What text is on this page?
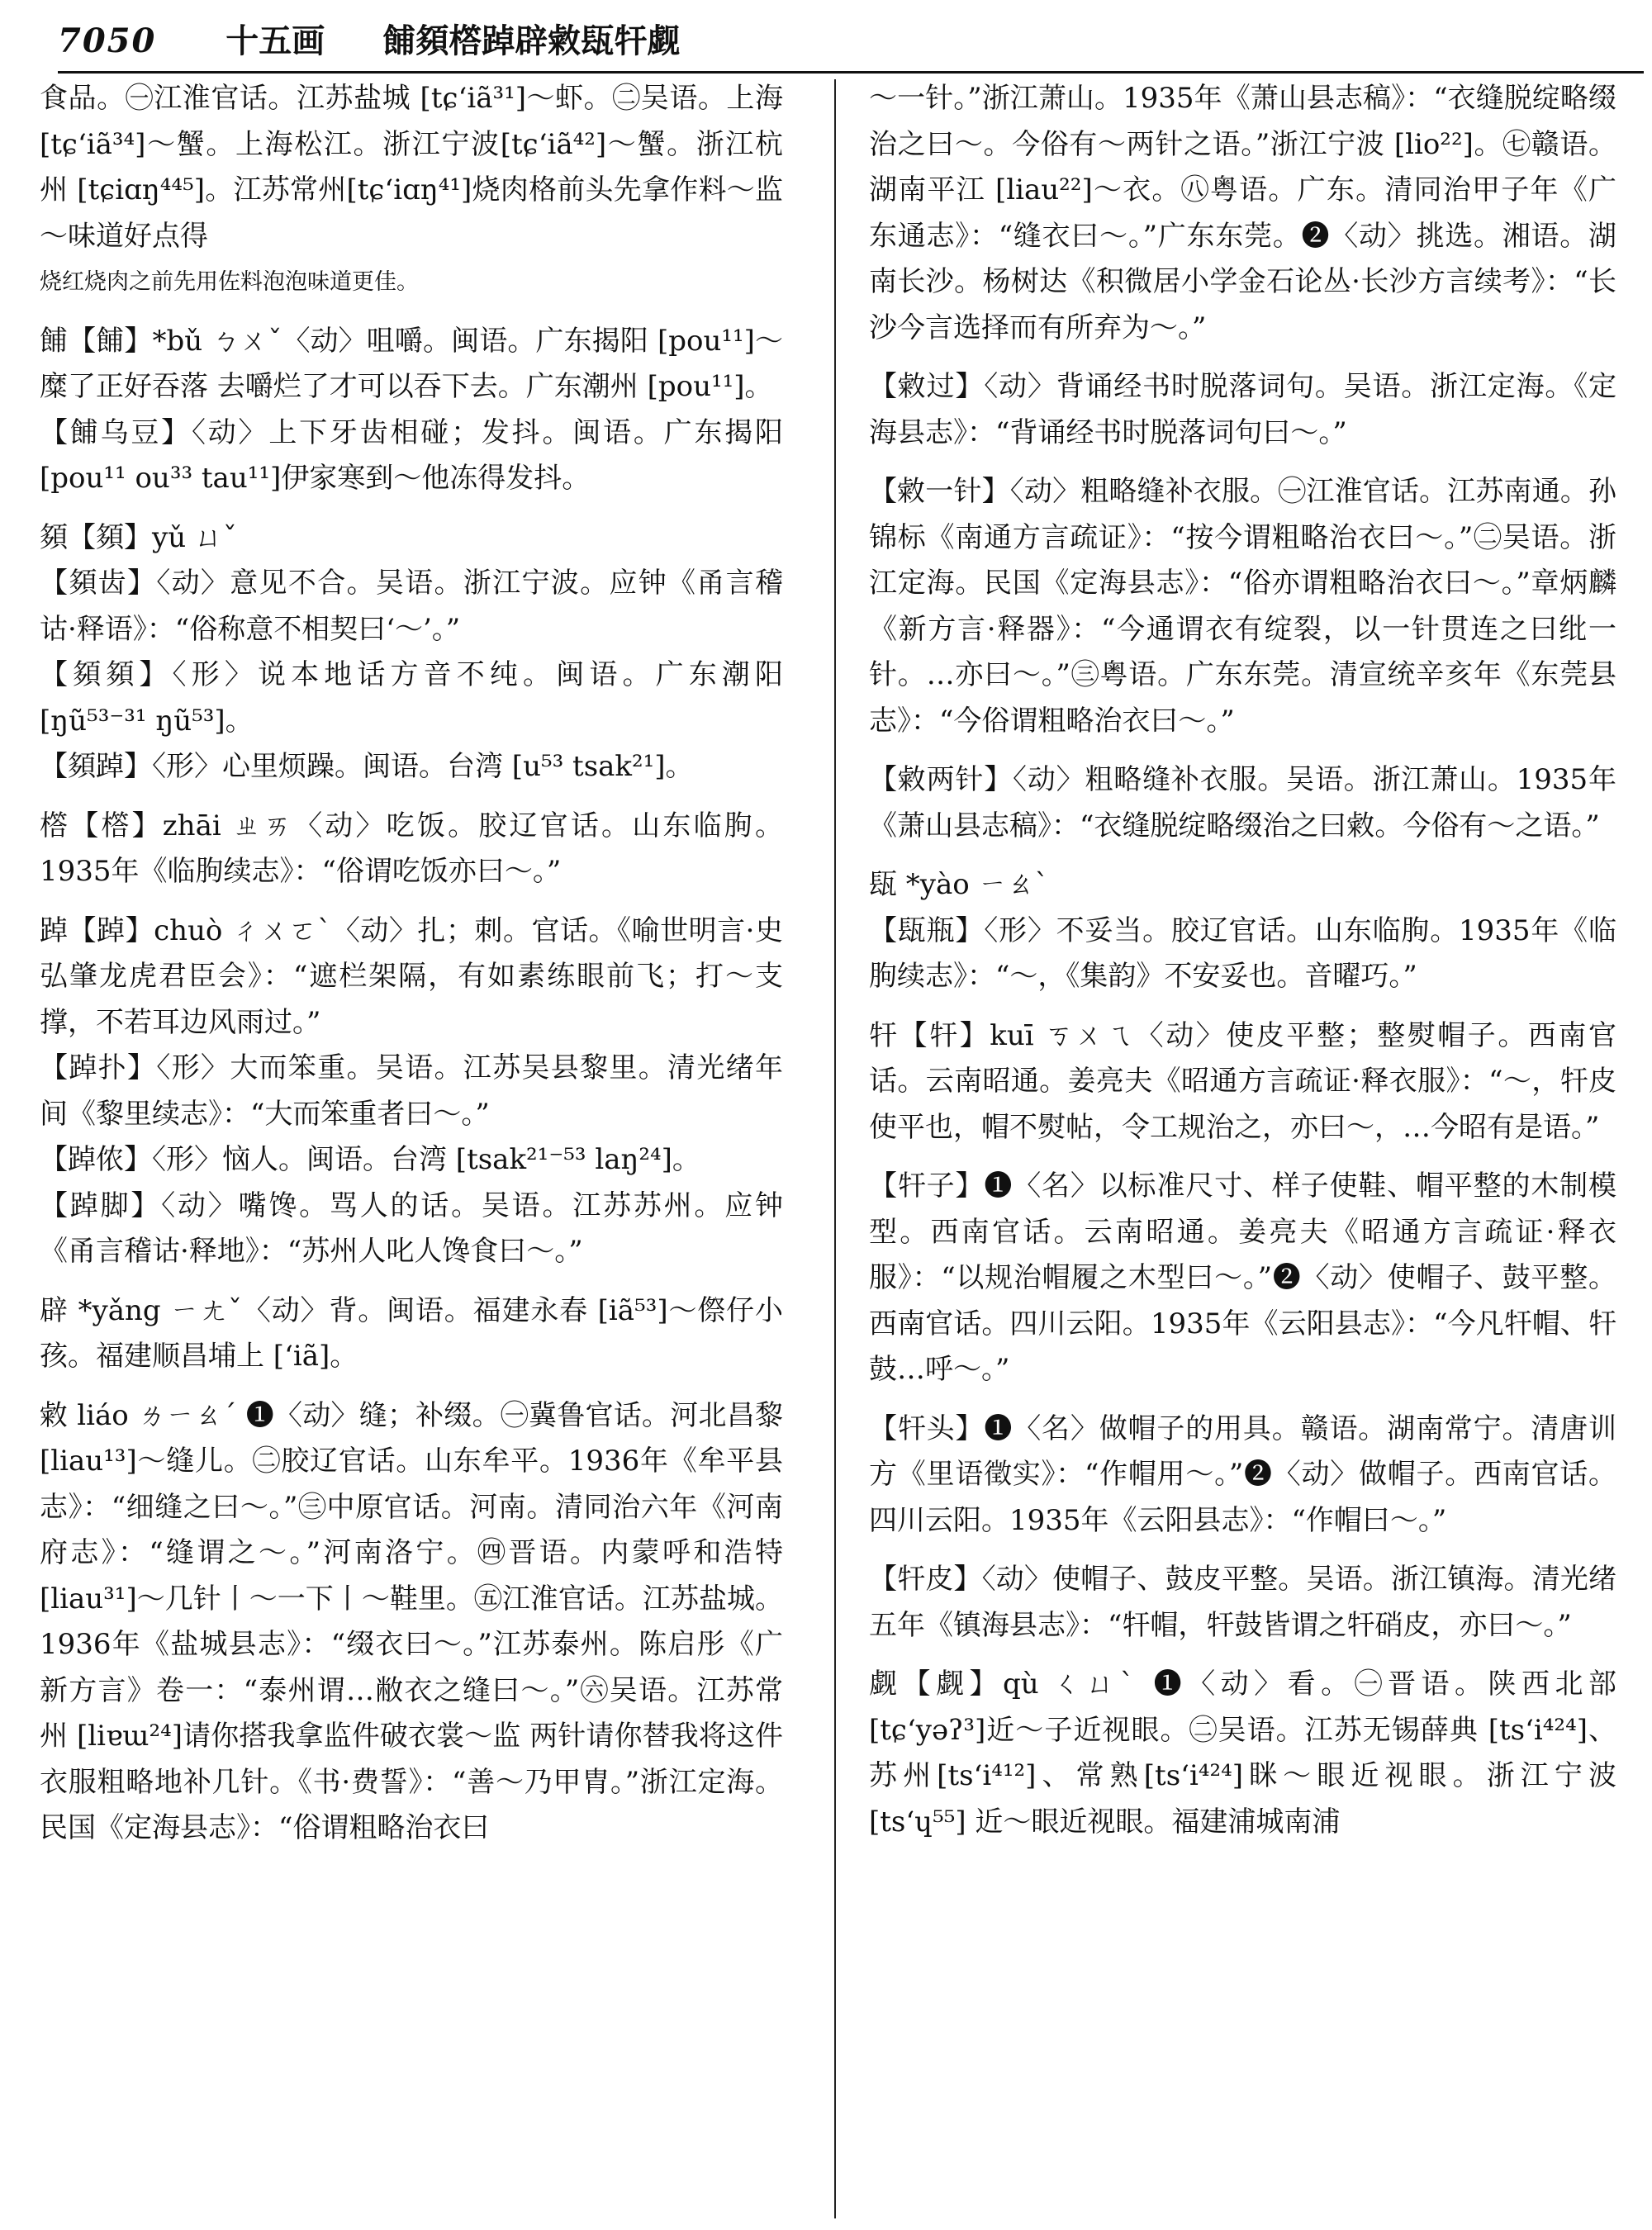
7050 十五画 餔䫂㯚踔辟敹瓺㸩觑

食品。㊀江淮官话。江苏盐城 [tɕʻiã³¹]～虾。㊁吴语。上海[tɕʻiã³⁴]～蟹。上海松江。浙江宁波[tɕʻiã⁴²]～蟹。浙江杭州 [tɕiɑŋ⁴⁴⁵]。江苏常州[tɕʻiɑŋ⁴¹]烧肉格前头先拿作料～监 ～味道好点得

烧红烧肉之前先用佐料泡泡味道更佳。

餔【餔】*bǔ ㄅㄨˇ〈动〉咀嚼。闽语。广东揭阳 [pou¹¹]～糜了正好吞落 去嚼烂了才可以吞下去。广东潮州 [pou¹¹]。

【餔乌豆】〈动〉上下牙齿相碰；发抖。闽语。广东揭阳 [pou¹¹ ou³³ tau¹¹]伊家寒到～他冻得发抖。

䫂【䫂】yǔ ㄩˇ

【䫂齿】〈动〉意见不合。吴语。浙江宁波。应钟《甬言稽诂·释语》：“俗称意不相契曰‘～’。”

【䫂䫂】〈形〉说本地话方音不纯。闽语。广东潮阳 [ŋũ⁵³⁻³¹ ŋũ⁵³]。

【䫂踔】〈形〉心里烦躁。闽语。台湾 [u⁵³ tsak²¹]。

㯚【㯚】zhāi ㄓㄞ〈动〉吃饭。胶辽官话。山东临朐。1935年《临朐续志》：“俗谓吃饭亦曰～。”

踔【踔】chuò ㄔㄨㄛˋ〈动〉扎；刺。官话。《喻世明言·史弘肇龙虎君臣会》：“遮栏架隔，有如素练眼前飞；打～支撑，不若耳边风雨过。”

【踔扑】〈形〉大而笨重。吴语。江苏吴县黎里。清光绪年间《黎里续志》：“大而笨重者曰～。”

【踔侬】〈形〉恼人。闽语。台湾 [tsak²¹⁻⁵³ laŋ²⁴]。

【踔脚】〈动〉嘴馋。骂人的话。吴语。江苏苏州。应钟《甬言稽诂·释地》：“苏州人叱人馋食曰～。”

辟 *yǎng ㄧㄤˇ〈动〉背。闽语。福建永春 [iã⁵³]～傺仔小孩。福建顺昌埔上 [ʻiã]。

敹 liáo ㄌㄧㄠˊ ❶〈动〉缝；补缀。㊀冀鲁官话。河北昌黎 [liau¹³]～缝儿。㊁胶辽官话。山东牟平。1936年《牟平县志》：“细缝之曰～。”㊂中原官话。河南。清同治六年《河南府志》：“缝谓之～。”河南洛宁。㊃晋语。内蒙呼和浩特 [liau³¹]～几针丨～一下丨～鞋里。㊄江淮官话。江苏盐城。1936年《盐城县志》：“缀衣曰～。”江苏泰州。陈启彤《广新方言》卷一：“泰州谓…敝衣之缝曰～。”㊅吴语。江苏常州 [liɐɯ²⁴]请你搭我拿监件破衣裳～监 两针请你替我将这件衣服粗略地补几针。《书·费誓》：“善～乃甲胄。”浙江定海。民国《定海县志》：“俗谓粗略治衣曰

～一针。”浙江萧山。1935年《萧山县志稿》：“衣缝脱绽略缀治之曰～。今俗有～两针之语。”浙江宁波 [lio²²]。㊆赣语。湖南平江 [liau²²]～衣。㊇粤语。广东。清同治甲子年《广东通志》：“缝衣曰～。”广东东莞。❷〈动〉挑选。湘语。湖南长沙。杨树达《积微居小学金石论丛·长沙方言续考》：“长沙今言选择而有所弃为～。”

【敹过】〈动〉背诵经书时脱落词句。吴语。浙江定海。《定海县志》：“背诵经书时脱落词句曰～。”

【敹一针】〈动〉粗略缝补衣服。㊀江淮官话。江苏南通。孙锦标《南通方言疏证》：“按今谓粗略治衣曰～。”㊁吴语。浙江定海。民国《定海县志》：“俗亦谓粗略治衣曰～。”章炳麟《新方言·释器》：“今通谓衣有绽裂，以一针贯连之曰纰一针。…亦曰～。”㊂粤语。广东东莞。清宣统辛亥年《东莞县志》：“今俗谓粗略治衣曰～。”

【敹两针】〈动〉粗略缝补衣服。吴语。浙江萧山。1935年《萧山县志稿》：“衣缝脱绽略缀治之曰敹。今俗有～之语。”

瓺 *yào ㄧㄠˋ

【瓺瓶】〈形〉不妥当。胶辽官话。山东临朐。1935年《临朐续志》：“～，《集韵》不安妥也。音曜巧。”

㸩【㸩】kuī ㄎㄨㄟ〈动〉使皮平整；整熨帽子。西南官话。云南昭通。姜亮夫《昭通方言疏证·释衣服》：“～，㸩皮使平也，帽不熨帖，令工规治之，亦曰～，…今昭有是语。”

【㸩子】❶〈名〉以标准尺寸、样子使鞋、帽平整的木制模型。西南官话。云南昭通。姜亮夫《昭通方言疏证·释衣服》：“以规治帽履之木型曰～。”❷〈动〉使帽子、鼓平整。西南官话。四川云阳。1935年《云阳县志》：“今凡㸩帽、㸩鼓…呼～。”

【㸩头】❶〈名〉做帽子的用具。赣语。湖南常宁。清唐训方《里语徵实》：“作帽用～。”❷〈动〉做帽子。西南官话。四川云阳。1935年《云阳县志》：“作帽曰～。”

【㸩皮】〈动〉使帽子、鼓皮平整。吴语。浙江镇海。清光绪五年《镇海县志》：“㸩帽，㸩鼓皆谓之㸩硝皮，亦曰～。”

觑【觑】qù ㄑㄩˋ ❶〈动〉看。㊀晋语。陕西北部 [tɕʻyəʔ³]近～子近视眼。㊁吴语。江苏无锡薛典 [tsʻi⁴²⁴]、苏州[tsʻi⁴¹²]、常熟[tsʻi⁴²⁴]眯～眼近视眼。浙江宁波 [tsʻɥ⁵⁵] 近～眼近视眼。福建浦城南浦
